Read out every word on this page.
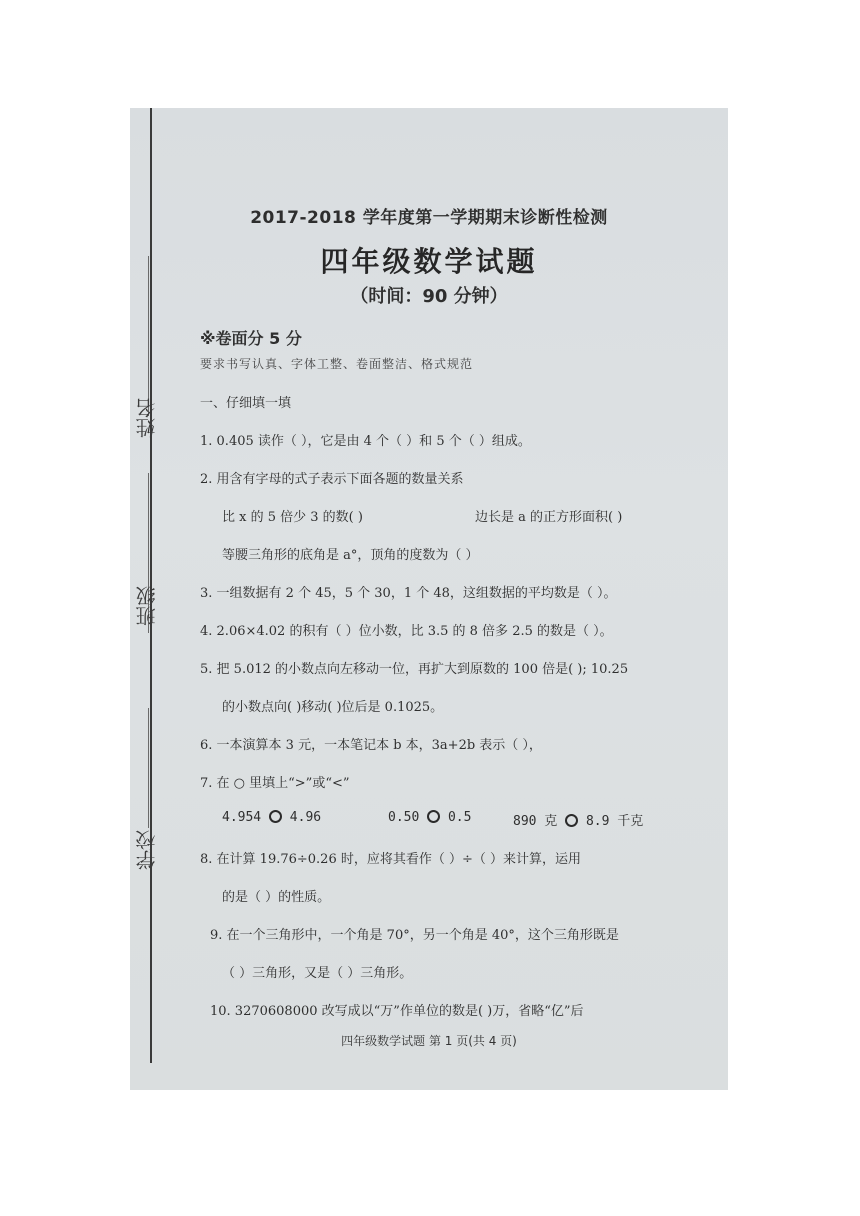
姓名
班级
学校
2017-2018 学年度第一学期期末诊断性检测
四年级数学试题
（时间：90 分钟）
※卷面分 5 分
要求书写认真、字体工整、卷面整洁、格式规范
一、仔细填一填
1. 0.405 读作（ ），它是由 4 个（ ）和 5 个（ ）组成。
2. 用含有字母的式子表示下面各题的数量关系
比 x 的 5 倍少 3 的数( )	边长是 a 的正方形面积( )
等腰三角形的底角是 a°，顶角的度数为（ ）
3. 一组数据有 2 个 45，5 个 30，1 个 48，这组数据的平均数是（ ）。
4. 2.06×4.02 的积有（ ）位小数，比 3.5 的 8 倍多 2.5 的数是（ ）。
5. 把 5.012 的小数点向左移动一位，再扩大到原数的 100 倍是( ); 10.25
的小数点向( )移动( )位后是 0.1025。
6. 一本演算本 3 元，一本笔记本 b 本，3a+2b 表示（ ），
7. 在 ○ 里填上“>”或“<”
4.954 4.96	0.50 0.5	890 克 8.9 千克
8. 在计算 19.76÷0.26 时，应将其看作（ ）÷（ ）来计算，运用
的是（ ）的性质。
9. 在一个三角形中，一个角是 70°，另一个角是 40°，这个三角形既是
（ ）三角形，又是（ ）三角形。
10. 3270608000 改写成以“万”作单位的数是( )万，省略“亿”后
四年级数学试题 第 1 页(共 4 页)
